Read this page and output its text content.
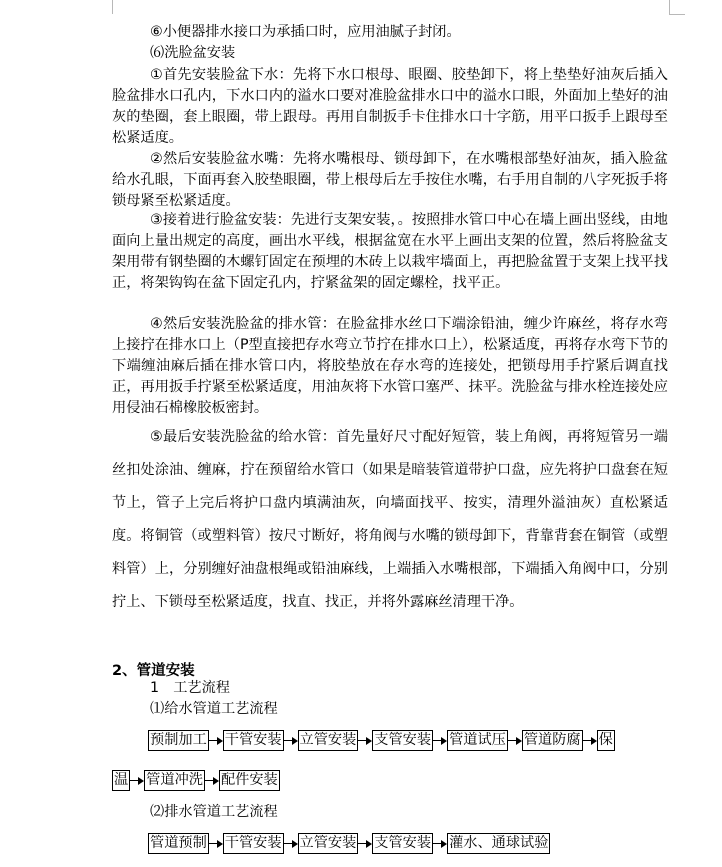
⑥小便器排水接口为承插口时，应用油腻子封闭。
⑹洗脸盆安装
①首先安装脸盆下水：先将下水口根母、眼圈、胶垫卸下，将上垫垫好油灰后插入脸盆排水口孔内，下水口内的溢水口要对准脸盆排水口中的溢水口眼，外面加上垫好的油灰的垫圈，套上眼圈，带上跟母。再用自制扳手卡住排水口十字筋，用平口扳手上跟母至松紧适度。
②然后安装脸盆水嘴：先将水嘴根母、锁母卸下，在水嘴根部垫好油灰，插入脸盆给水孔眼，下面再套入胶垫眼圈，带上根母后左手按住水嘴，右手用自制的八字死扳手将锁母紧至松紧适度。
③接着进行脸盆安装：先进行支架安装，。按照排水管口中心在墙上画出竖线，由地面向上量出规定的高度，画出水平线，根据盆宽在水平上画出支架的位置，然后将脸盆支架用带有钢垫圈的木螺钉固定在预埋的木砖上以栽牢墙面上，再把脸盆置于支架上找平找正，将架钩钩在盆下固定孔内，拧紧盆架的固定螺栓，找平正。
④然后安装洗脸盆的排水管：在脸盆排水丝口下端涂铅油，缠少许麻丝，将存水弯上接拧在排水口上（P型直接把存水弯立节拧在排水口上），松紧适度，再将存水弯下节的下端缠油麻后插在排水管口内，将胶垫放在存水弯的连接处，把锁母用手拧紧后调直找正，再用扳手拧紧至松紧适度，用油灰将下水管口塞严、抹平。洗脸盆与排水栓连接处应用侵油石棉橡胶板密封。
⑤最后安装洗脸盆的给水管：首先量好尺寸配好短管，装上角阀，再将短管另一端丝扣处涂油、缠麻，拧在预留给水管口（如果是暗装管道带护口盘，应先将护口盘套在短节上，管子上完后将护口盘内填满油灰，向墙面找平、按实，清理外溢油灰）直松紧适度。将铜管（或塑料管）按尺寸断好，将角阀与水嘴的锁母卸下，背靠背套在铜管（或塑料管）上，分别缠好油盘根绳或铅油麻线，上端插入水嘴根部，下端插入角阀中口，分别拧上、下锁母至松紧适度，找直、找正，并将外露麻丝清理干净。
2、管道安装
1　工艺流程
⑴给水管道工艺流程
预制加工 干管安装 立管安装 支管安装 管道试压 管道防腐 保
温 管道冲洗 配件安装
⑵排水管道工艺流程
管道预制 干管安装 立管安装 支管安装 灌水、通球试验
